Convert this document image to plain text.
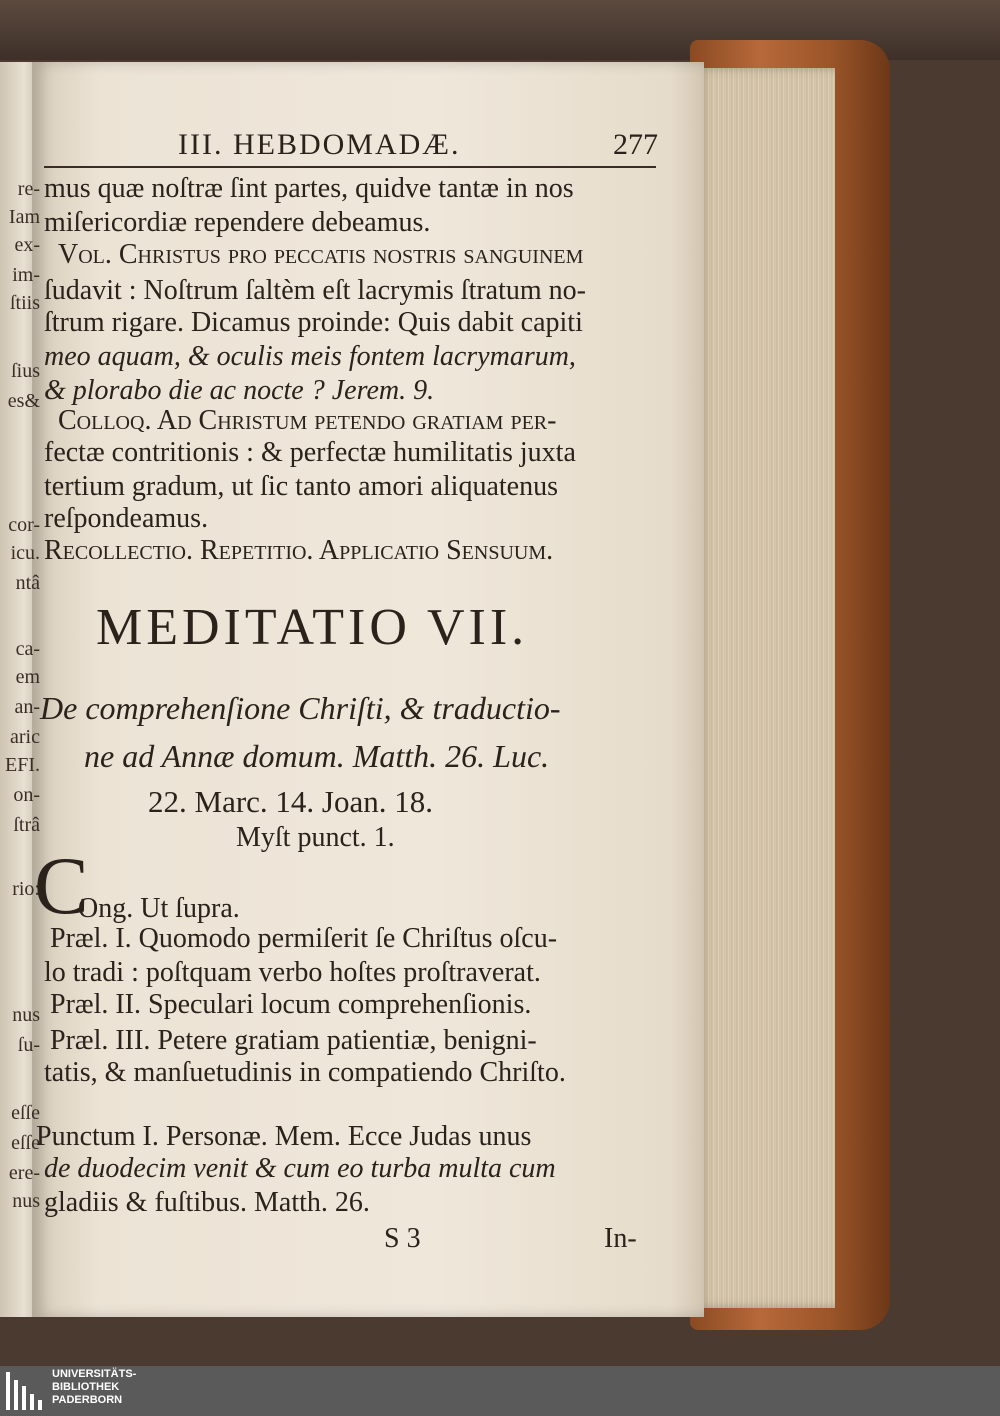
re-
Iam
ex-
im-
ſtiis
ſius
es&
cor-
icu.
ntâ
ca-
em
an-
aric
EFI.
on-
ſtrâ
rio:
nus
ſu-
eſſe
eſſe
ere-
nus
III. HEBDOMADÆ.	277
mus quæ noſtræ ſint partes, quidve tantæ in nos
miſericordiæ rependere debeamus.
Vol. Chriſtus pro peccatis noſtris ſanguinem
ſudavit : Noſtrum ſaltèm eſt lacrymis ſtratum no-
ſtrum rigare. Dicamus proinde: Quis dabit capiti
meo aquam, & oculis meis fontem lacrymarum,
& plorabo die ac nocte ? Jerem. 9.
Colloq. Ad Chriſtum petendo gratiam per-
fectæ contritionis : & perfectæ humilitatis juxta
tertium gradum, ut ſic tanto amori aliquatenus
reſpondeamus.
Recollectio. Repetitio. Applicatio Sensuum.
MEDITATIO VII.
De comprehenſione Chriſti, & traductio-
ne ad Annæ domum. Matth. 26. Luc.
22. Marc. 14. Joan. 18.
Myſt punct. 1.
C
Ong. Ut ſupra.
Præl. I. Quomodo permiſerit ſe Chriſtus oſcu-
lo tradi : poſtquam verbo hoſtes proſtraverat.
Præl. II. Speculari locum comprehenſionis.
Præl. III. Petere gratiam patientiæ, benigni-
tatis, & manſuetudinis in compatiendo Chriſto.
Punctum I. Personæ. Mem. Ecce Judas unus
de duodecim venit & cum eo turba multa cum
gladiis & fuſtibus. Matth. 26.
S 3	In-
UNIVERSITÄTS-
BIBLIOTHEK
PADERBORN
